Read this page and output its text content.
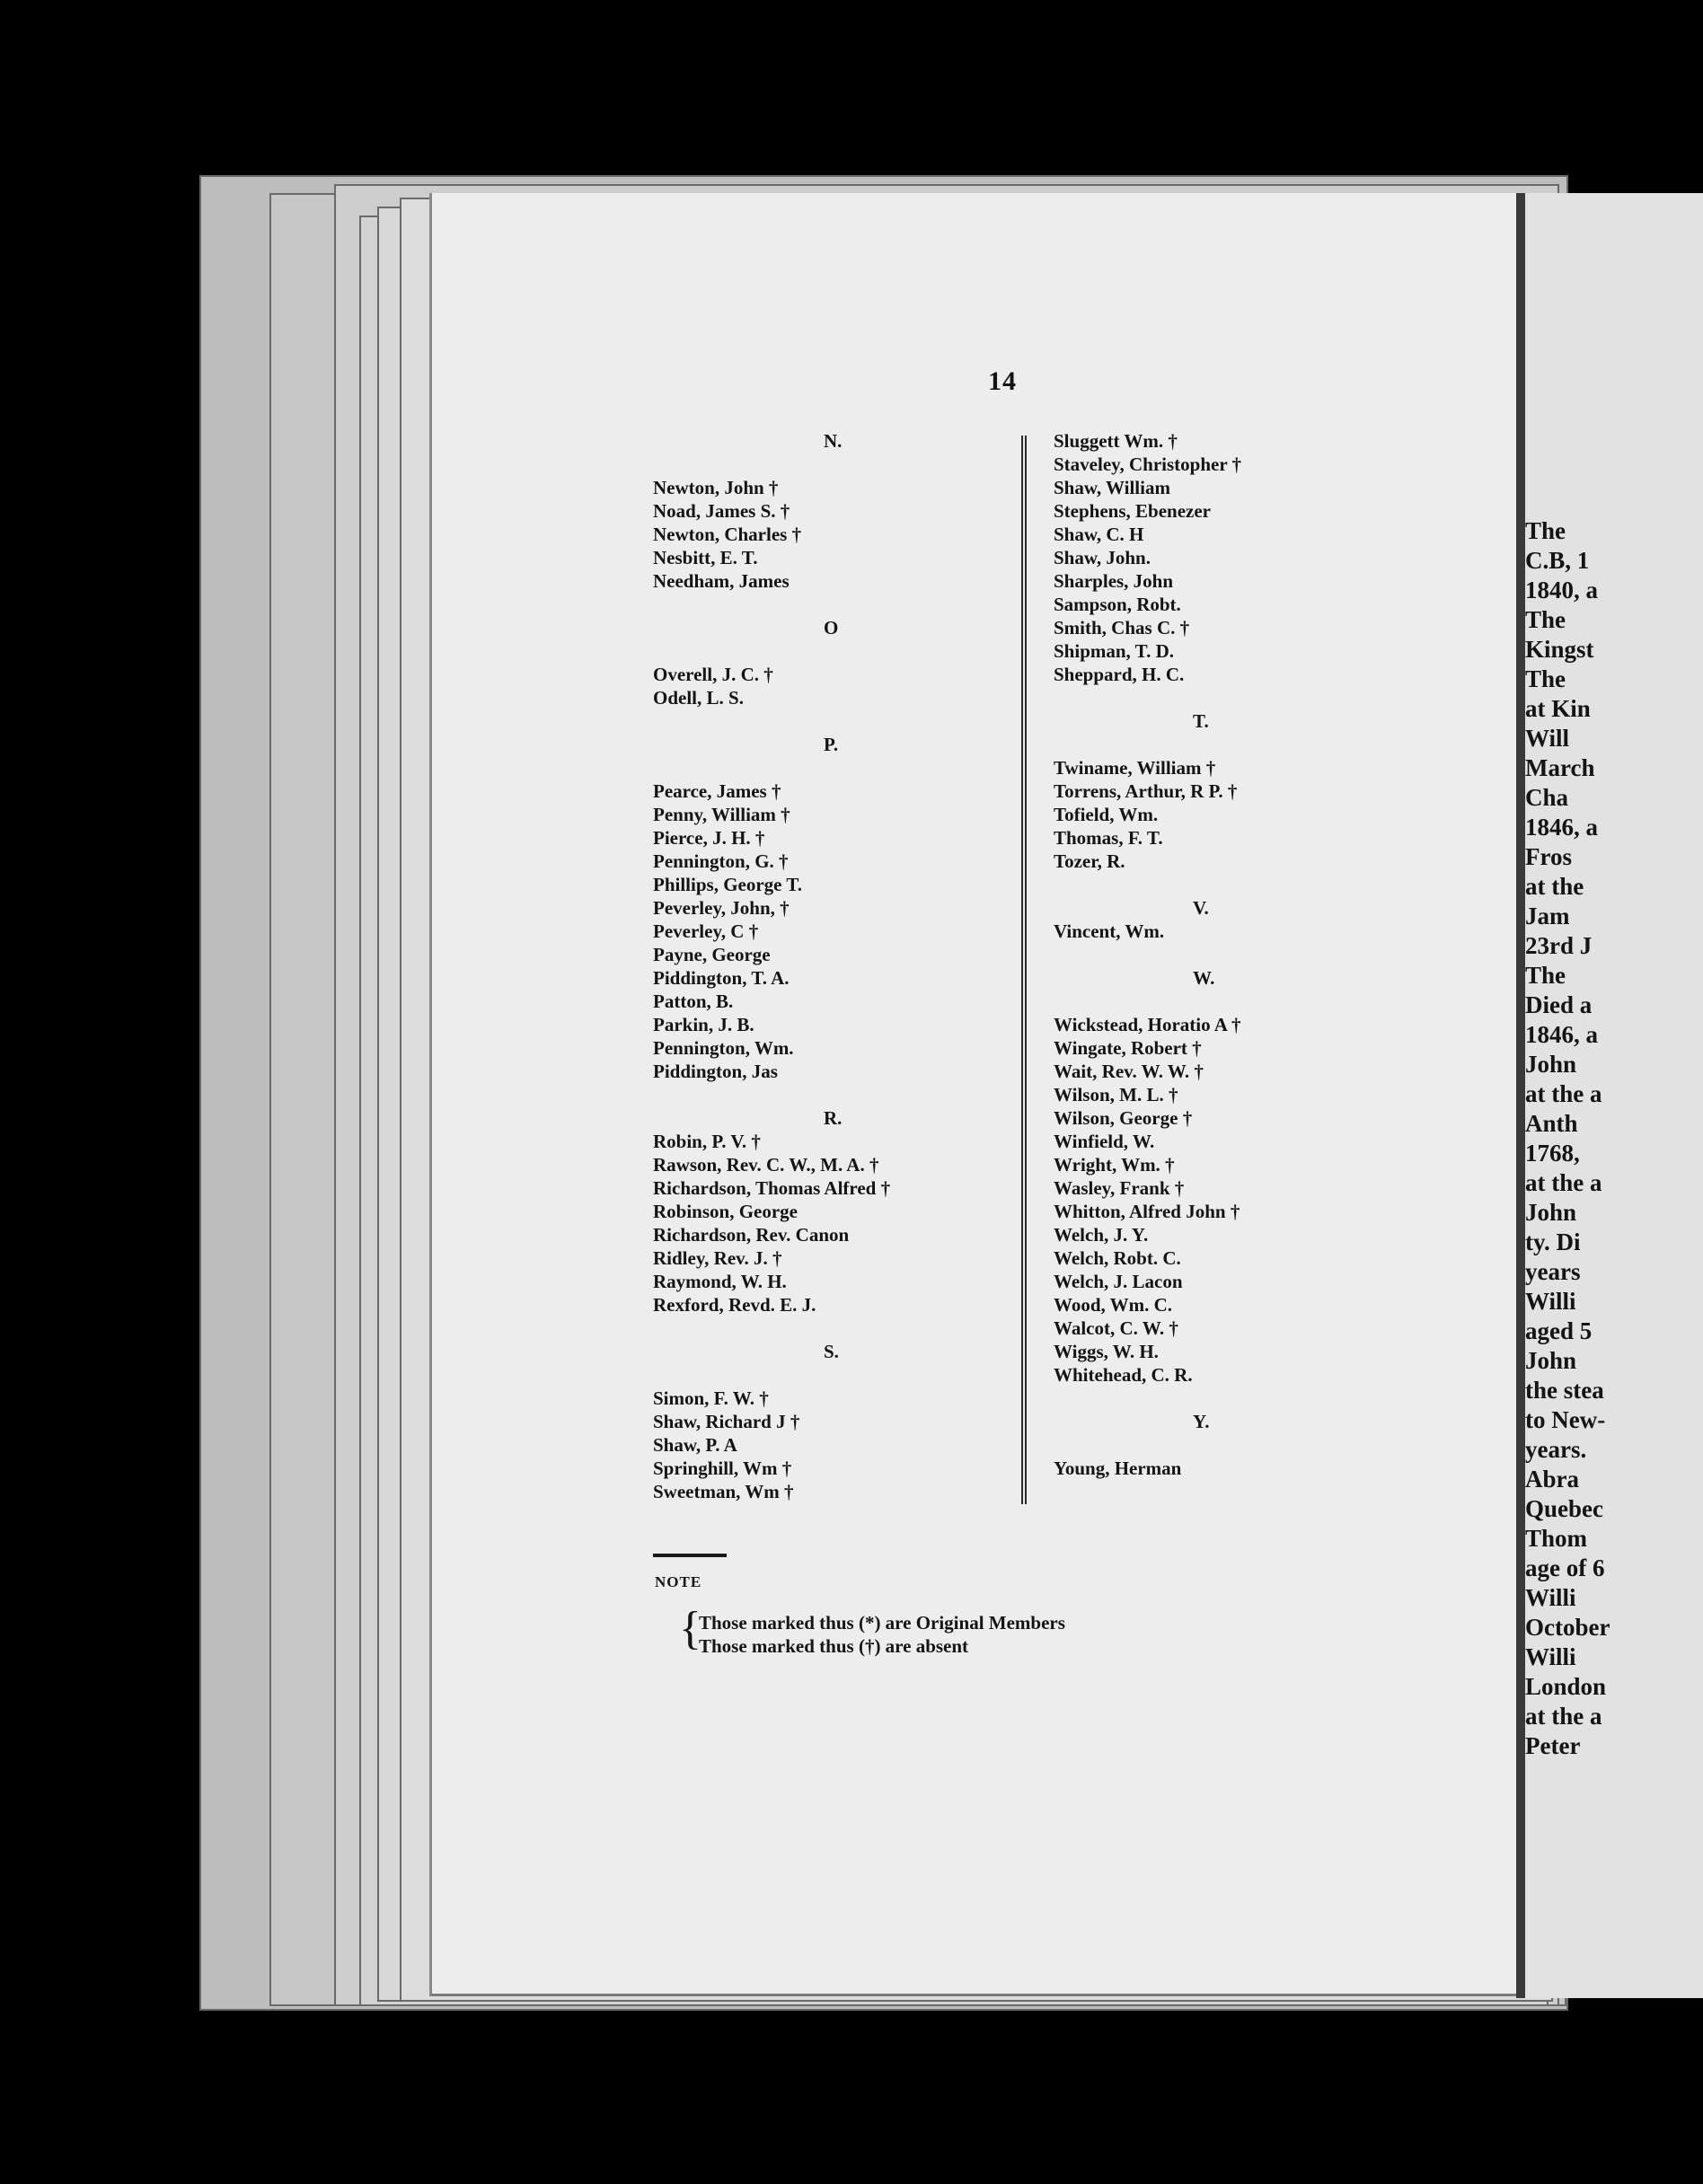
14
N.
Newton, John †
Noad, James S. †
Newton, Charles †
Nesbitt, E. T.
Needham, James
O
Overell, J. C. †
Odell, L. S.
P.
Pearce, James †
Penny, William †
Pierce, J. H. †
Pennington, G. †
Phillips, George T.
Peverley, John, †
Peverley, C †
Payne, George
Piddington, T. A.
Patton, B.
Parkin, J. B.
Pennington, Wm.
Piddington, Jas
R.
Robin, P. V. †
Rawson, Rev. C. W., M. A. †
Richardson, Thomas Alfred †
Robinson, George
Richardson, Rev. Canon
Ridley, Rev. J. †
Raymond, W. H.
Rexford, Revd. E. J.
S.
Simon, F. W. †
Shaw, Richard J †
Shaw, P. A
Springhill, Wm †
Sweetman, Wm †
Sluggett Wm. †
Staveley, Christopher †
Shaw, William
Stephens, Ebenezer
Shaw, C. H
Shaw, John.
Sharples, John
Sampson, Robt.
Smith, Chas C. †
Shipman, T. D.
Sheppard, H. C.
T.
Twiname, William †
Torrens, Arthur, R P. †
Tofield, Wm.
Thomas, F. T.
Tozer, R.
V.
Vincent, Wm.
W.
Wickstead, Horatio A †
Wingate, Robert †
Wait, Rev. W. W. †
Wilson, M. L. †
Wilson, George †
Winfield, W.
Wright, Wm. †
Wasley, Frank †
Whitton, Alfred John †
Welch, J. Y.
Welch, Robt. C.
Welch, J. Lacon
Wood, Wm. C.
Walcot, C. W. †
Wiggs, W. H.
Whitehead, C. R.
Y.
Young, Herman
NOTE
{
Those marked thus (*) are Original Members
Those marked thus (†) are absent
The
C.B, 1
1840, a
The
Kingst
The
at Kin
Will
March
Cha
1846, a
Fros
at the
Jam
23rd J
The
Died a
1846, a
John
at the a
Anth
1768,
at the a
John
ty. Di
years
Willi
aged 5
John
the stea
to New-
years.
Abra
Quebec
Thom
age of 6
Willi
October
Willi
London
at the a
Peter
